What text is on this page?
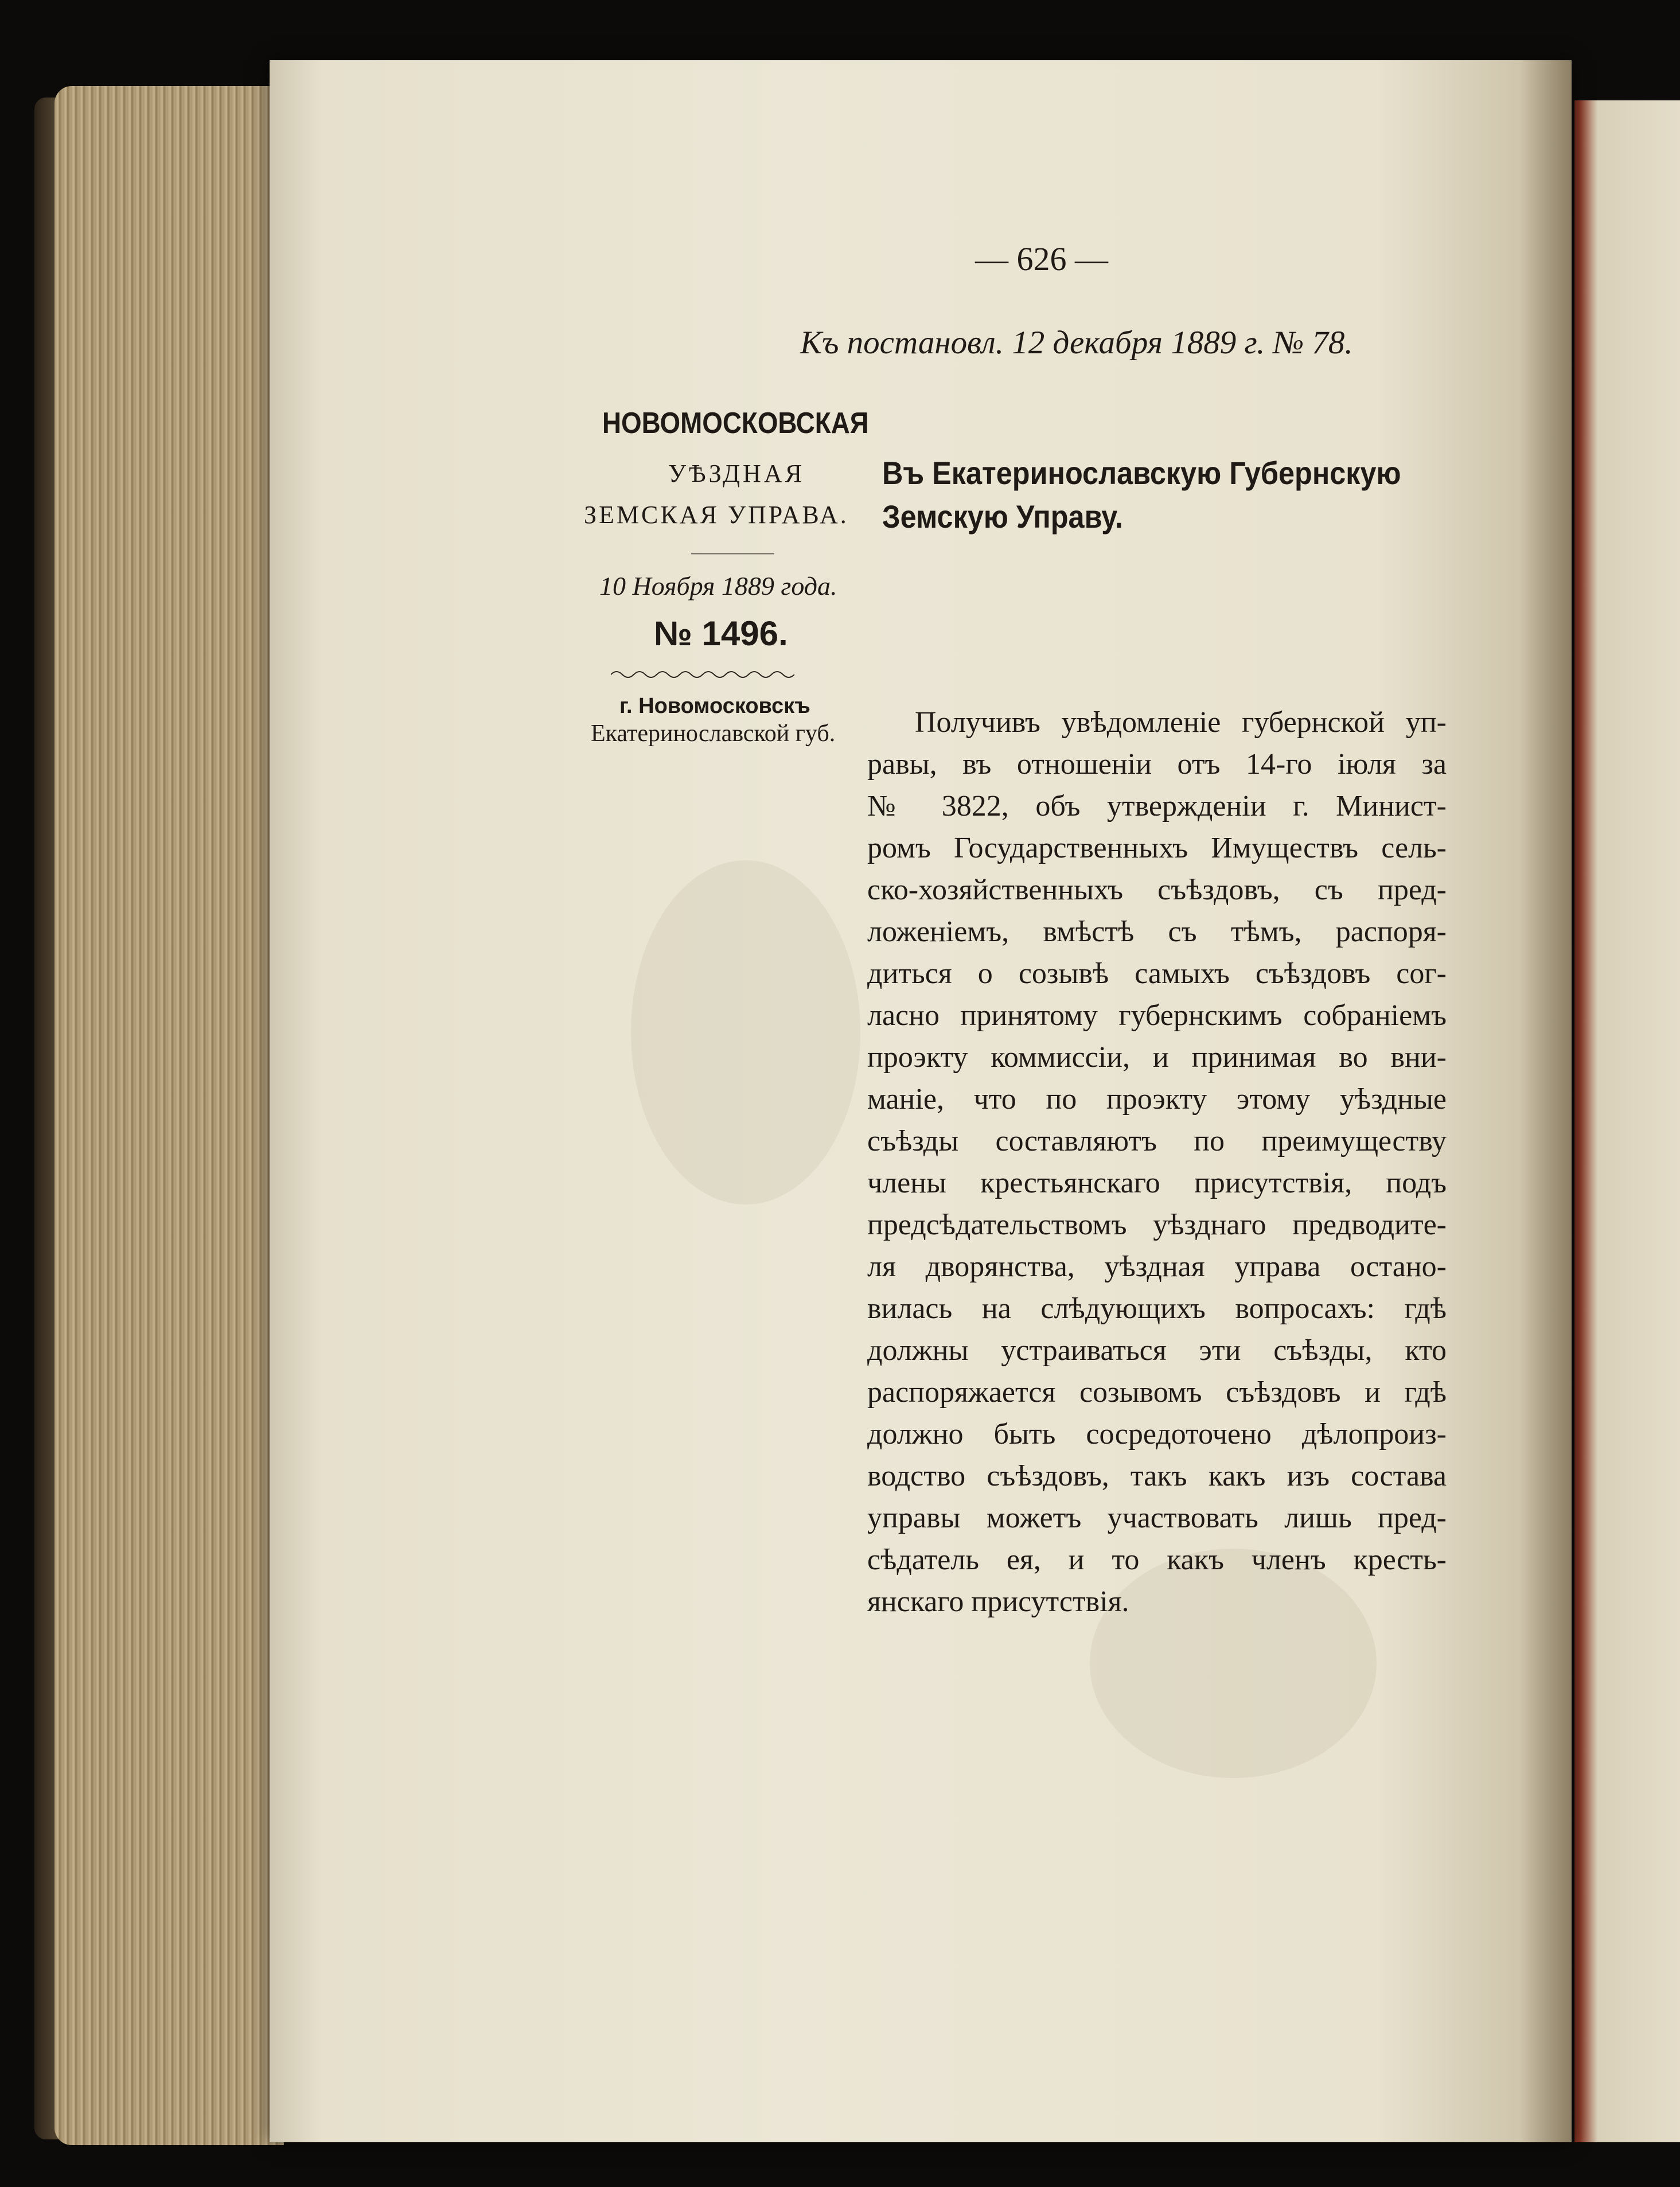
— 626 —
Къ постановл. 12 декабря 1889 г. № 78.
НОВОМОСКОВСКАЯ
УѢЗДНАЯ
ЗЕМСКАЯ УПРАВА.
10 Ноября 1889 года.
№ 1496.
г. Новомосковскъ
Екатеринославской губ.
Въ Екатеринославскую Губернскую
Земскую Управу.
Получивъ увѣдомленіе губернской уп-
равы, въ отношеніи отъ 14-го іюля за
№ 3822, объ утвержденіи г. Минист-
ромъ Государственныхъ Имуществъ сель-
ско-хозяйственныхъ съѣздовъ, съ пред-
ложеніемъ, вмѣстѣ съ тѣмъ, распоря-
диться о созывѣ самыхъ съѣздовъ сог-
ласно принятому губернскимъ собраніемъ
проэкту коммиссіи, и принимая во вни-
маніе, что по проэкту этому уѣздные
съѣзды составляютъ по преимуществу
члены крестьянскаго присутствія, подъ
предсѣдательствомъ уѣзднаго предводите-
ля дворянства, уѣздная управа остано-
вилась на слѣдующихъ вопросахъ: гдѣ
должны устраиваться эти съѣзды, кто
распоряжается созывомъ съѣздовъ и гдѣ
должно быть сосредоточено дѣлопроиз-
водство съѣздовъ, такъ какъ изъ состава
управы можетъ участвовать лишь пред-
сѣдатель ея, и то какъ членъ кресть-
янскаго присутствія.
